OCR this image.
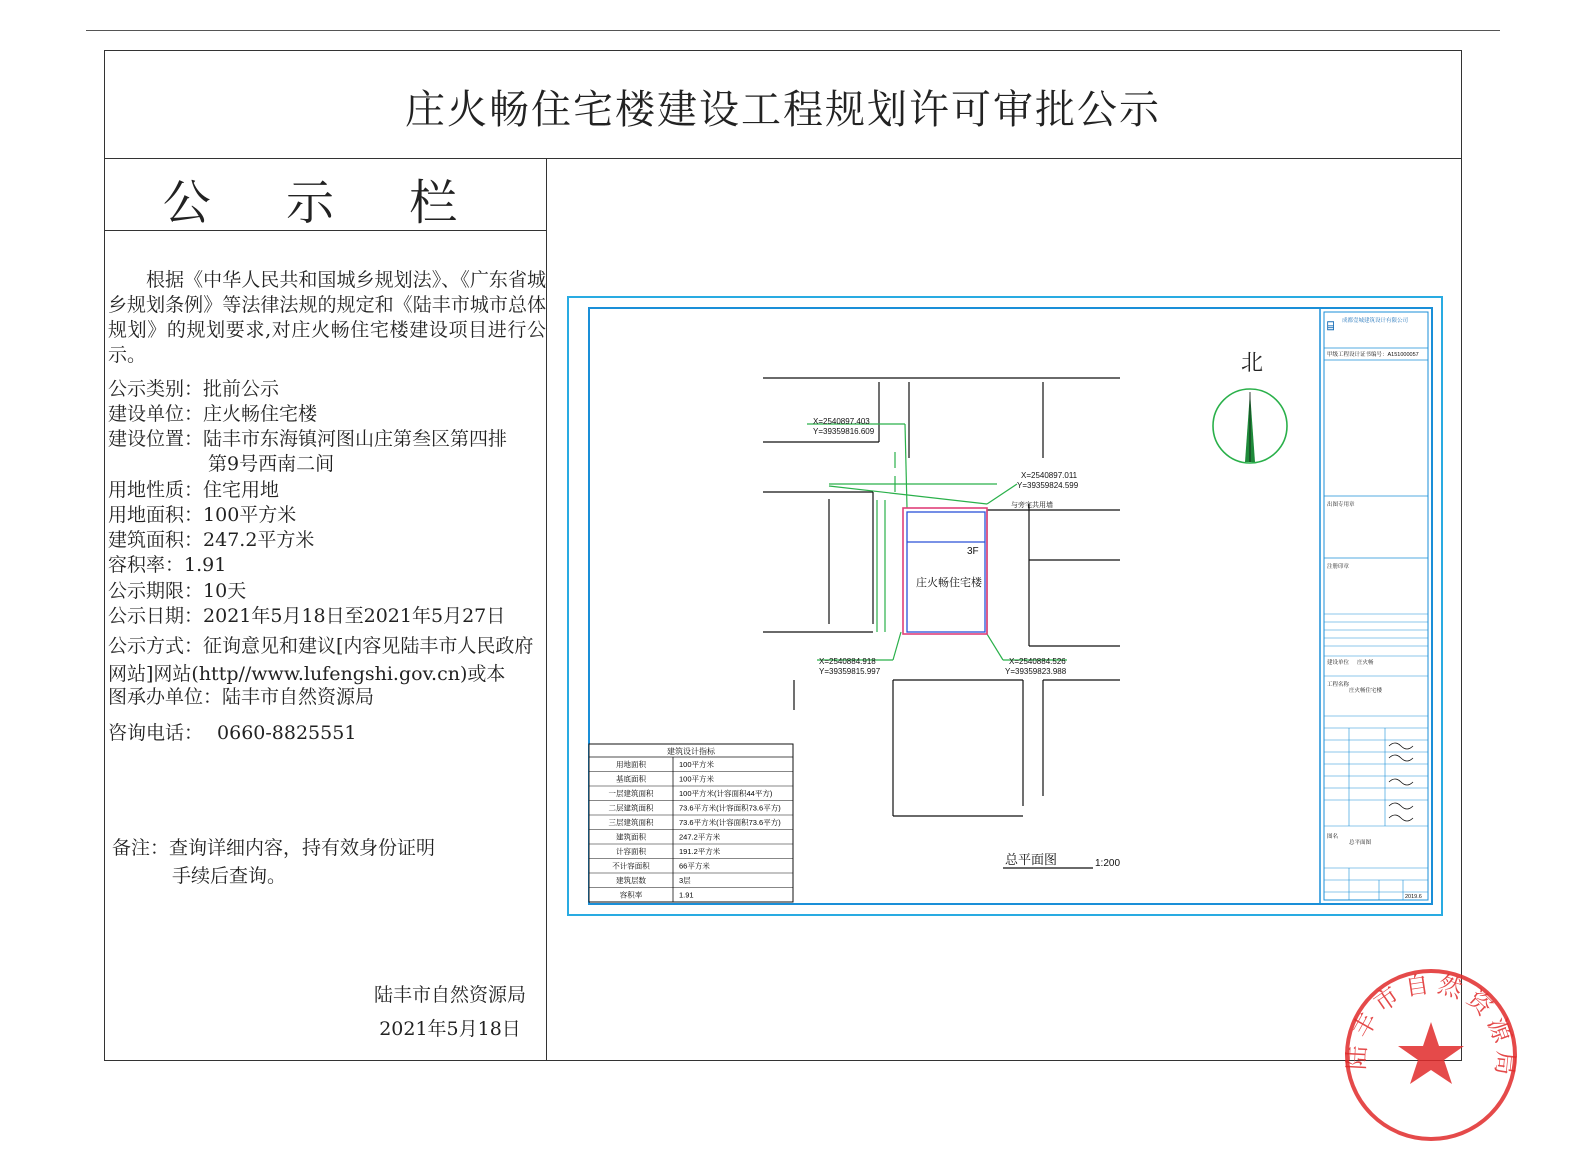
庄火畅住宅楼建设工程规划许可审批公示
公 示 栏
根据《中华人民共和国城乡规划法》、《广东省城乡规划条例》等法律法规的规定和《陆丰市城市总体规划》的规划要求,对庄火畅住宅楼建设项目进行公示。
公示类别：批前公示
建设单位：庄火畅住宅楼
建设位置：陆丰市东海镇河图山庄第叁区第四排
第9号西南二间
用地性质：住宅用地
用地面积：100平方米
建筑面积：247.2平方米
容积率：1.91
公示期限：10天
公示日期：2021年5月18日至2021年5月27日
公示方式：征询意见和建议[内容见陆丰市人民政府网站]网站(http//www.lufengshi.gov.cn)或本
图承办单位：陆丰市自然资源局
咨询电话： 0660-8825551
备注：查询详细内容，持有效身份证明
手续后查询。
陆丰市自然资源局
2021年5月18日
3F
庄火畅住宅楼
X=2540897.403
Y=39359816.609
X=2540897.011
Y=39359824.599
X=2540884.918
Y=39359815.997
X=2540884.526
Y=39359823.988
与旁宅共用墙
北
建筑设计指标
用地面积	100平方米
基底面积	100平方米
一层建筑面积	100平方米(计容面积44平方)
二层建筑面积	73.6平方米(计容面积73.6平方)
三层建筑面积	73.6平方米(计容面积73.6平方)
建筑面积	247.2平方米
计容面积	191.2平方米
不计容面积	66平方米
建筑层数	3层
容积率	1.91
总平面图	1:200
⌸ 成都壹城建筑设计有限公司
甲级工程设计证书编号：A151000057
出图专用章
注册印章
建设单位 庄火畅
工程名称
庄火畅住宅楼
图名
总平面图
2019.6
陆丰市自然资源局
